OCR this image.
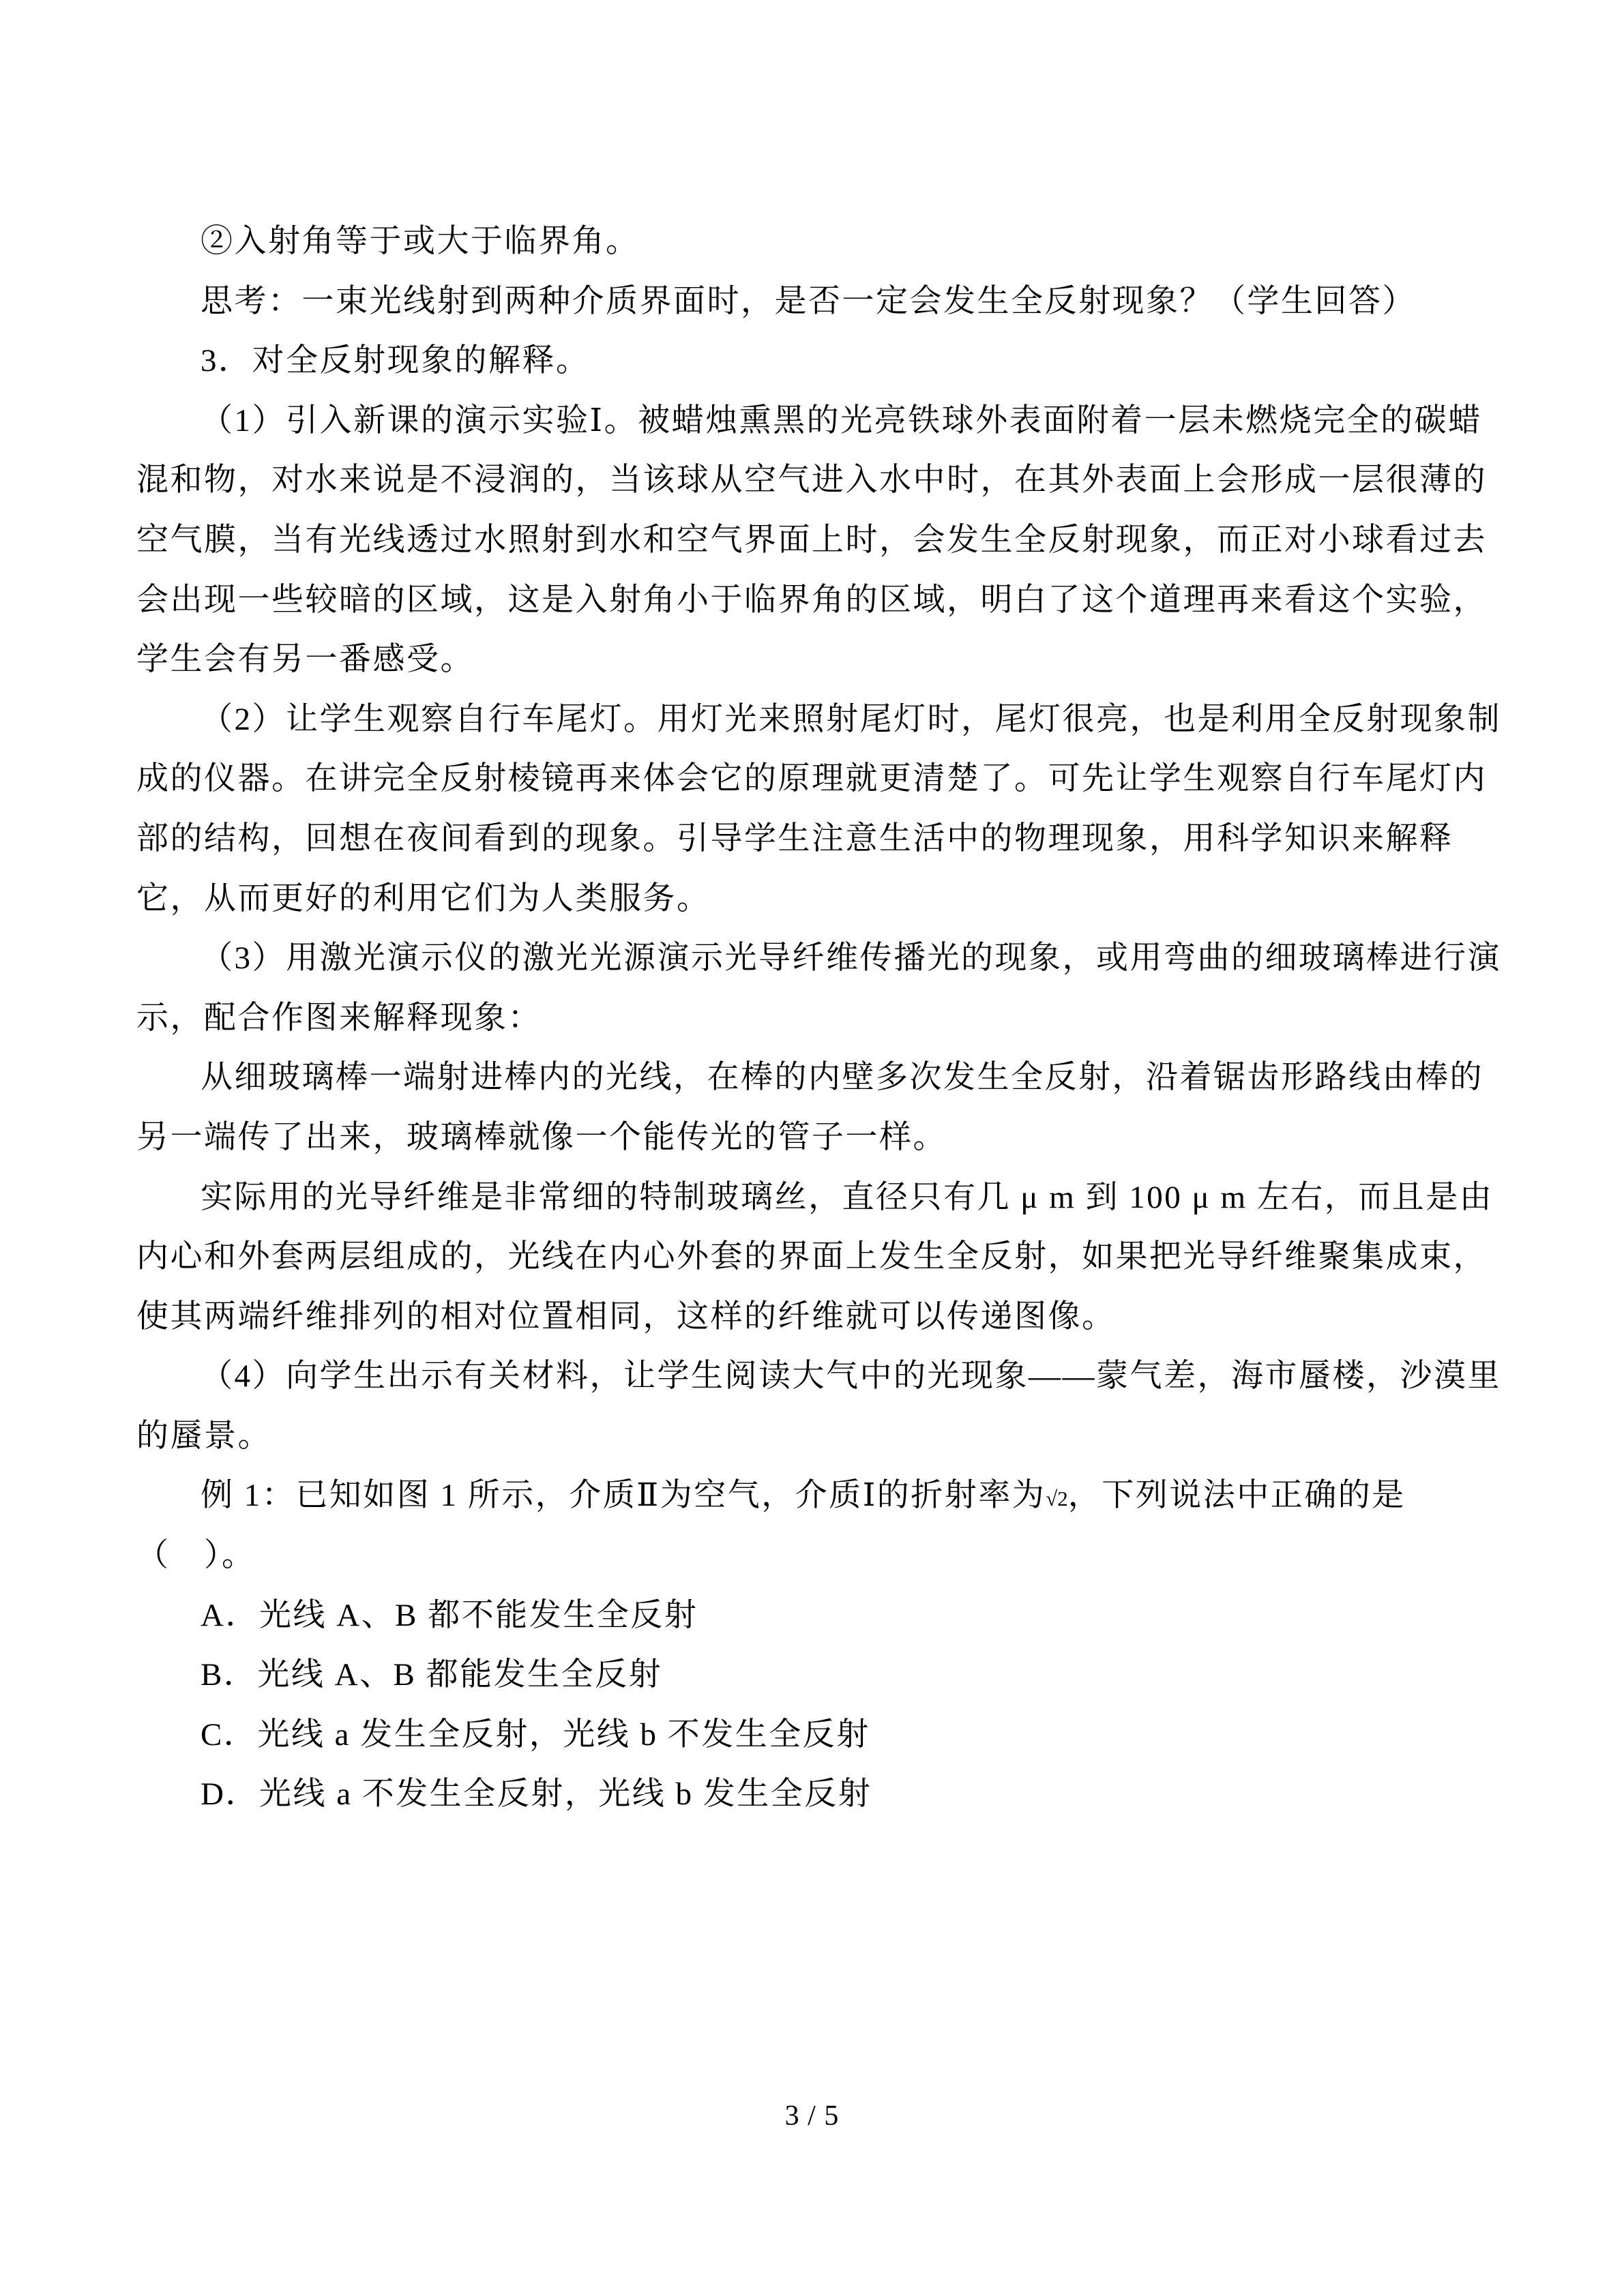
②入射角等于或大于临界角。
思考：一束光线射到两种介质界面时，是否一定会发生全反射现象？（学生回答）
3．对全反射现象的解释。
（1）引入新课的演示实验Ⅰ。被蜡烛熏黑的光亮铁球外表面附着一层未燃烧完全的碳蜡
混和物，对水来说是不浸润的，当该球从空气进入水中时，在其外表面上会形成一层很薄的
空气膜，当有光线透过水照射到水和空气界面上时，会发生全反射现象，而正对小球看过去
会出现一些较暗的区域，这是入射角小于临界角的区域，明白了这个道理再来看这个实验，
学生会有另一番感受。
（2）让学生观察自行车尾灯。用灯光来照射尾灯时，尾灯很亮，也是利用全反射现象制
成的仪器。在讲完全反射棱镜再来体会它的原理就更清楚了。可先让学生观察自行车尾灯内
部的结构，回想在夜间看到的现象。引导学生注意生活中的物理现象，用科学知识来解释
它，从而更好的利用它们为人类服务。
（3）用激光演示仪的激光光源演示光导纤维传播光的现象，或用弯曲的细玻璃棒进行演
示，配合作图来解释现象：
从细玻璃棒一端射进棒内的光线，在棒的内壁多次发生全反射，沿着锯齿形路线由棒的
另一端传了出来，玻璃棒就像一个能传光的管子一样。
实际用的光导纤维是非常细的特制玻璃丝，直径只有几 μ m 到 100 μ m 左右，而且是由
内心和外套两层组成的，光线在内心外套的界面上发生全反射，如果把光导纤维聚集成束，
使其两端纤维排列的相对位置相同，这样的纤维就可以传递图像。
（4）向学生出示有关材料，让学生阅读大气中的光现象——蒙气差，海市蜃楼，沙漠里
的蜃景。
例 1：已知如图 1 所示，介质Ⅱ为空气，介质Ⅰ的折射率为√2，下列说法中正确的是
（　）。
A．光线 A、B 都不能发生全反射
B．光线 A、B 都能发生全反射
C．光线 a 发生全反射，光线 b 不发生全反射
D．光线 a 不发生全反射，光线 b 发生全反射
3 / 5
